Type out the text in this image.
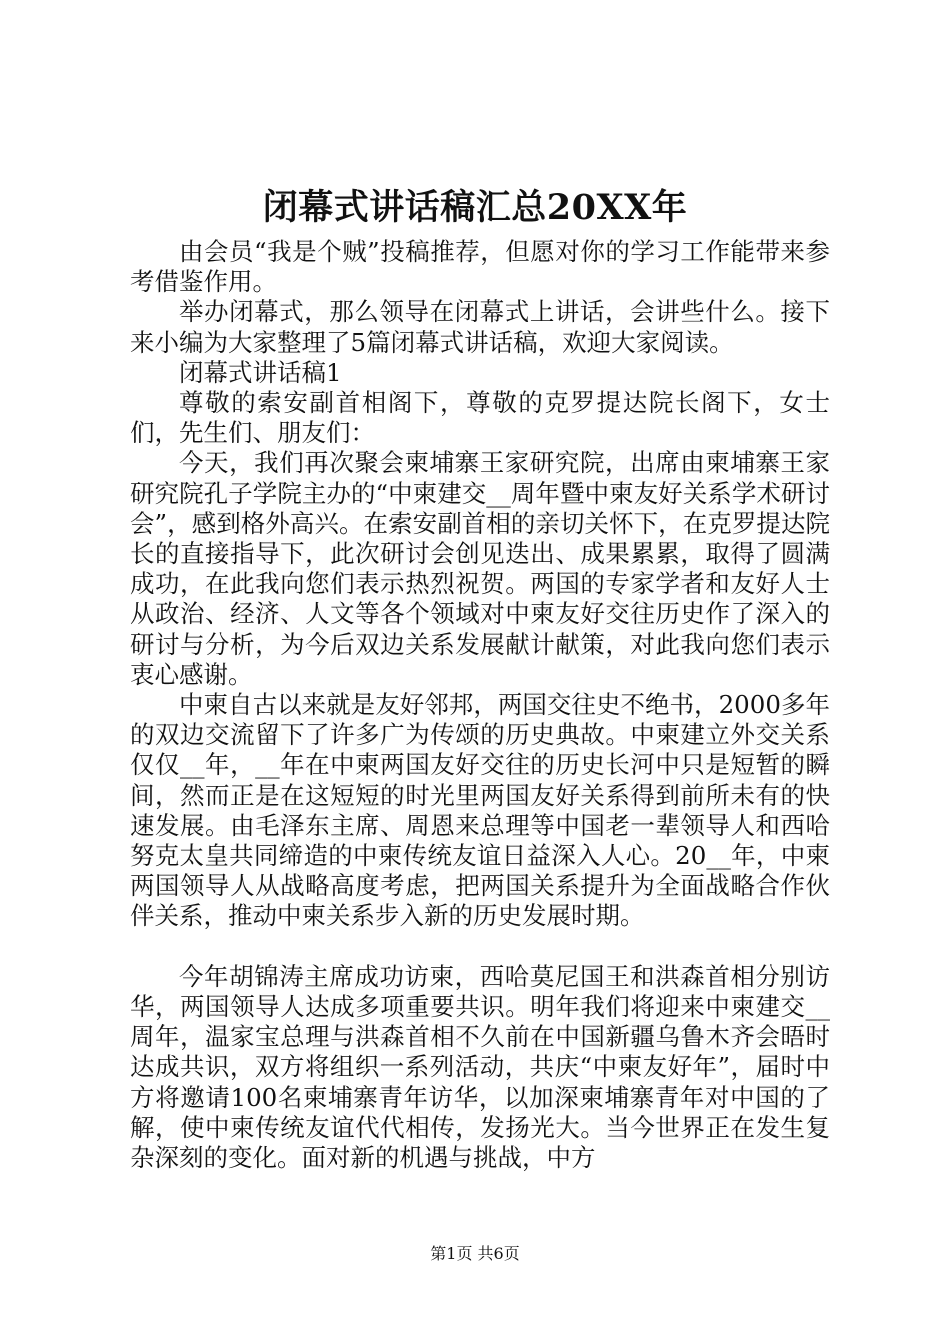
闭幕式讲话稿汇总20XX年

由会员“我是个贼”投稿推荐，但愿对你的学习工作能带来参考借鉴作用。

举办闭幕式，那么领导在闭幕式上讲话，会讲些什么。接下来小编为大家整理了5篇闭幕式讲话稿，欢迎大家阅读。

闭幕式讲话稿1

尊敬的索安副首相阁下，尊敬的克罗提达院长阁下，女士们，先生们、朋友们：

今天，我们再次聚会柬埔寨王家研究院，出席由柬埔寨王家研究院孔子学院主办的“中柬建交__周年暨中柬友好关系学术研讨会”，感到格外高兴。在索安副首相的亲切关怀下，在克罗提达院长的直接指导下，此次研讨会创见迭出、成果累累，取得了圆满成功，在此我向您们表示热烈祝贺。两国的专家学者和友好人士从政治、经济、人文等各个领域对中柬友好交往历史作了深入的研讨与分析，为今后双边关系发展献计献策，对此我向您们表示衷心感谢。

中柬自古以来就是友好邻邦，两国交往史不绝书，2000多年的双边交流留下了许多广为传颂的历史典故。中柬建立外交关系仅仅__年，__年在中柬两国友好交往的历史长河中只是短暂的瞬间，然而正是在这短短的时光里两国友好关系得到前所未有的快速发展。由毛泽东主席、周恩来总理等中国老一辈领导人和西哈努克太皇共同缔造的中柬传统友谊日益深入人心。20__年，中柬两国领导人从战略高度考虑，把两国关系提升为全面战略合作伙伴关系，推动中柬关系步入新的历史发展时期。

今年胡锦涛主席成功访柬，西哈莫尼国王和洪森首相分别访华，两国领导人达成多项重要共识。明年我们将迎来中柬建交__周年，温家宝总理与洪森首相不久前在中国新疆乌鲁木齐会晤时达成共识，双方将组织一系列活动，共庆“中柬友好年”，届时中方将邀请100名柬埔寨青年访华，以加深柬埔寨青年对中国的了解，使中柬传统友谊代代相传，发扬光大。当今世界正在发生复杂深刻的变化。面对新的机遇与挑战，中方

第1页 共6页
